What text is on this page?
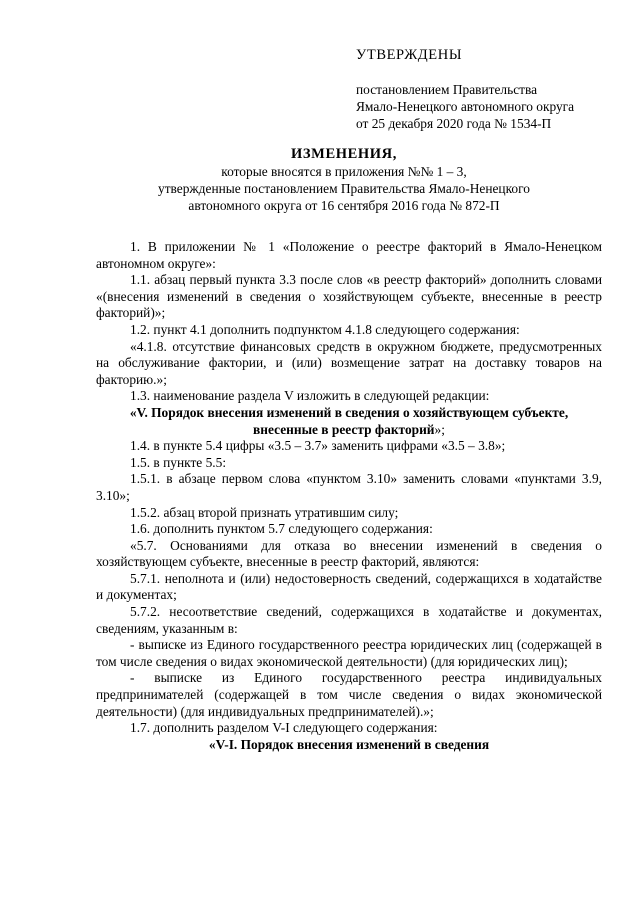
УТВЕРЖДЕНЫ
постановлением Правительства
Ямало-Ненецкого автономного округа
от 25 декабря 2020 года № 1534-П
ИЗМЕНЕНИЯ,
которые вносятся в приложения №№ 1 – 3,
утвержденные постановлением Правительства Ямало-Ненецкого
автономного округа от 16 сентября 2016 года № 872-П

1. В приложении № 1 «Положение о реестре факторий в Ямало-Ненецком автономном округе»:

1.1. абзац первый пункта 3.3 после слов «в реестр факторий» дополнить словами «(внесения изменений в сведения о хозяйствующем субъекте, внесенные в реестр факторий)»;

1.2. пункт 4.1 дополнить подпунктом 4.1.8 следующего содержания:

«4.1.8. отсутствие финансовых средств в окружном бюджете, предусмотренных на обслуживание фактории, и (или) возмещение затрат на доставку товаров на факторию.»;

1.3. наименование раздела V изложить в следующей редакции:

«V. Порядок внесения изменений в сведения о хозяйствующем субъекте, внесенные в реестр факторий»;

1.4. в пункте 5.4 цифры «3.5 – 3.7» заменить цифрами «3.5 – 3.8»;

1.5. в пункте 5.5:

1.5.1. в абзаце первом слова «пунктом 3.10» заменить словами «пунктами 3.9, 3.10»;

1.5.2. абзац второй признать утратившим силу;

1.6. дополнить пунктом 5.7 следующего содержания:

«5.7. Основаниями для отказа во внесении изменений в сведения о хозяйствующем субъекте, внесенные в реестр факторий, являются:

5.7.1. неполнота и (или) недостоверность сведений, содержащихся в ходатайстве и документах;

5.7.2. несоответствие сведений, содержащихся в ходатайстве и документах, сведениям, указанным в:

- выписке из Единого государственного реестра юридических лиц (содержащей в том числе сведения о видах экономической деятельности) (для юридических лиц);

- выписке из Единого государственного реестра индивидуальных предпринимателей (содержащей в том числе сведения о видах экономической деятельности) (для индивидуальных предпринимателей).»;

1.7. дополнить разделом V-I следующего содержания:

«V-I. Порядок внесения изменений в сведения
